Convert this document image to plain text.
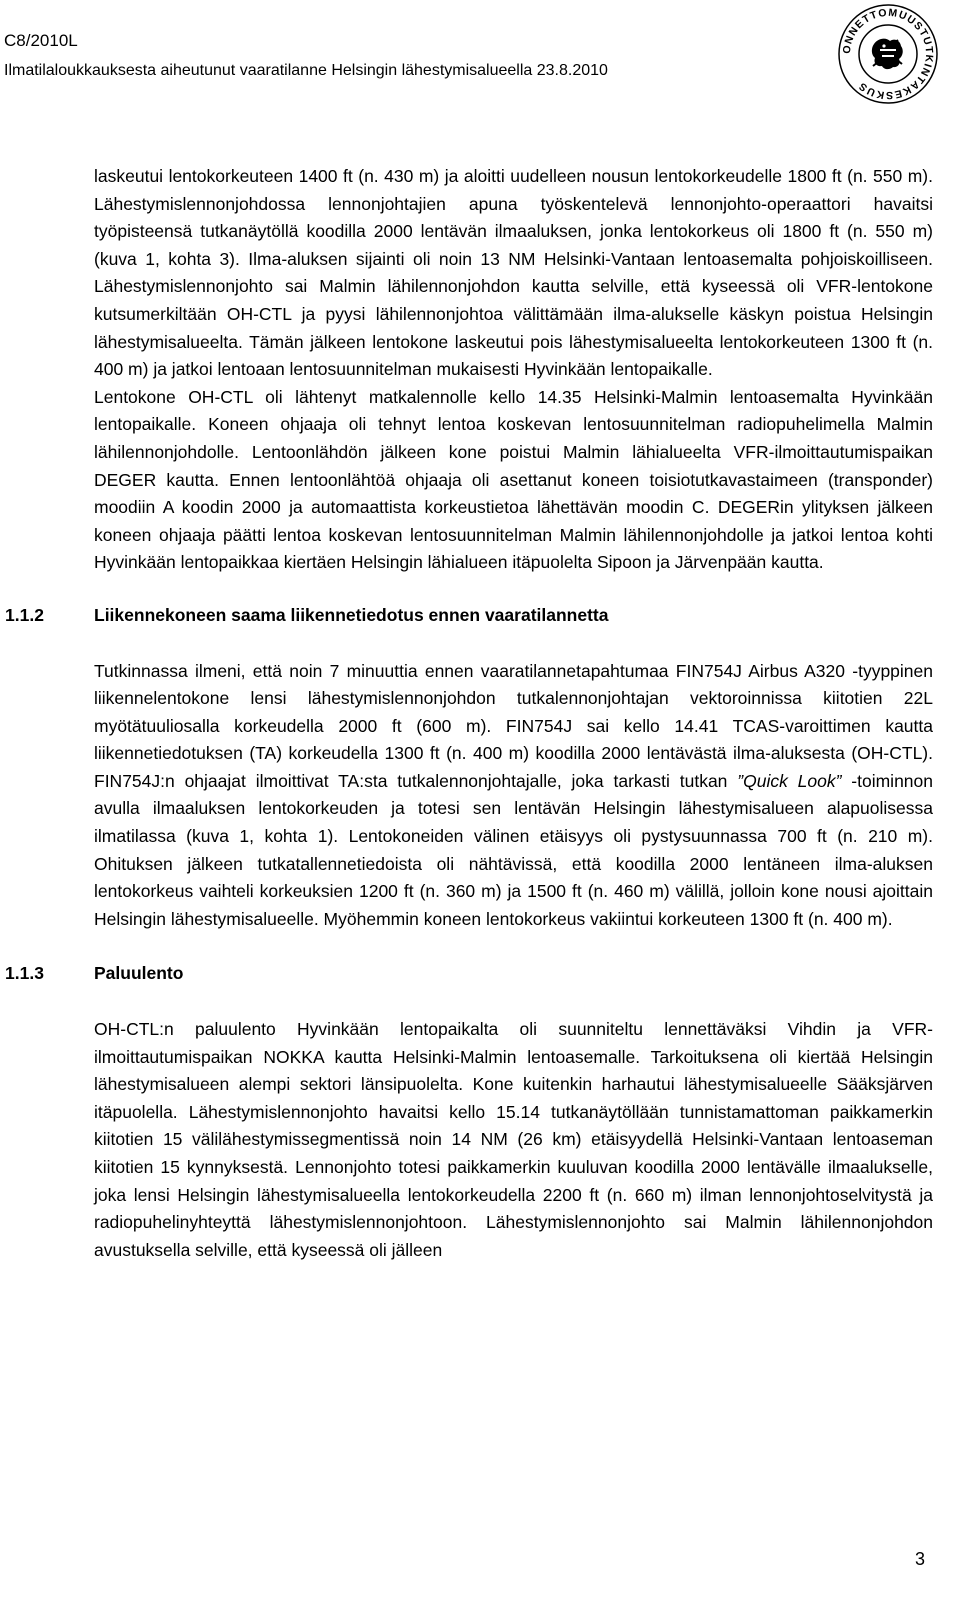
C8/2010L
Ilmatilaloukkauksesta aiheutunut vaaratilanne Helsingin lähestymisalueella 23.8.2010
ONNETTOMUUSTUTKINTAKESKUS

laskeutui lentokorkeuteen 1400 ft (n. 430 m) ja aloitti uudelleen nousun lentokorkeudelle 1800 ft (n. 550 m). Lähestymislennonjohdossa lennonjohtajien apuna työskentelevä lennonjohto-operaattori havaitsi työpisteensä tutkanäytöllä koodilla 2000 lentävän ilmaaluksen, jonka lentokorkeus oli 1800 ft (n. 550 m) (kuva 1, kohta 3). Ilma-aluksen sijainti oli noin 13 NM Helsinki-Vantaan lentoasemalta pohjoiskoilliseen. Lähestymislennonjohto sai Malmin lähilennonjohdon kautta selville, että kyseessä oli VFR-lentokone kutsumerkiltään OH-CTL ja pyysi lähilennonjohtoa välittämään ilma-alukselle käskyn poistua Helsingin lähestymisalueelta. Tämän jälkeen lentokone laskeutui pois lähestymisalueelta lentokorkeuteen 1300 ft (n. 400 m) ja jatkoi lentoaan lentosuunnitelman mukaisesti Hyvinkään lentopaikalle.

Lentokone OH-CTL oli lähtenyt matkalennolle kello 14.35 Helsinki-Malmin lentoasemalta Hyvinkään lentopaikalle. Koneen ohjaaja oli tehnyt lentoa koskevan lentosuunnitelman radiopuhelimella Malmin lähilennonjohdolle. Lentoonlähdön jälkeen kone poistui Malmin lähialueelta VFR-ilmoittautumispaikan DEGER kautta. Ennen lentoonlähtöä ohjaaja oli asettanut koneen toisiotutkavastaimeen (transponder) moodiin A koodin 2000 ja automaattista korkeustietoa lähettävän moodin C. DEGERin ylityksen jälkeen koneen ohjaaja päätti lentoa koskevan lentosuunnitelman Malmin lähilennonjohdolle ja jatkoi lentoa kohti Hyvinkään lentopaikkaa kiertäen Helsingin lähialueen itäpuolelta Sipoon ja Järvenpään kautta.

1.1.2	Liikennekoneen saama liikennetiedotus ennen vaaratilannetta

Tutkinnassa ilmeni, että noin 7 minuuttia ennen vaaratilannetapahtumaa FIN754J Airbus A320 -tyyppinen liikennelentokone lensi lähestymislennonjohdon tutkalennonjohtajan vektoroinnissa kiitotien 22L myötätuuliosalla korkeudella 2000 ft (600 m). FIN754J sai kello 14.41 TCAS-varoittimen kautta liikennetiedotuksen (TA) korkeudella 1300 ft (n. 400 m) koodilla 2000 lentävästä ilma-aluksesta (OH-CTL). FIN754J:n ohjaajat ilmoittivat TA:sta tutkalennonjohtajalle, joka tarkasti tutkan ”Quick Look” -toiminnon avulla ilmaaluksen lentokorkeuden ja totesi sen lentävän Helsingin lähestymisalueen alapuolisessa ilmatilassa (kuva 1, kohta 1). Lentokoneiden välinen etäisyys oli pystysuunnassa 700 ft (n. 210 m). Ohituksen jälkeen tutkatallennetiedoista oli nähtävissä, että koodilla 2000 lentäneen ilma-aluksen lentokorkeus vaihteli korkeuksien 1200 ft (n. 360 m) ja 1500 ft (n. 460 m) välillä, jolloin kone nousi ajoittain Helsingin lähestymisalueelle. Myöhemmin koneen lentokorkeus vakiintui korkeuteen 1300 ft (n. 400 m).

1.1.3	Paluulento

OH-CTL:n paluulento Hyvinkään lentopaikalta oli suunniteltu lennettäväksi Vihdin ja VFR-ilmoittautumispaikan NOKKA kautta Helsinki-Malmin lentoasemalle. Tarkoituksena oli kiertää Helsingin lähestymisalueen alempi sektori länsipuolelta. Kone kuitenkin harhautui lähestymisalueelle Sääksjärven itäpuolella. Lähestymislennonjohto havaitsi kello 15.14 tutkanäytöllään tunnistamattoman paikkamerkin kiitotien 15 välilähestymissegmentissä noin 14 NM (26 km) etäisyydellä Helsinki-Vantaan lentoaseman kiitotien 15 kynnyksestä. Lennonjohto totesi paikkamerkin kuuluvan koodilla 2000 lentävälle ilmaalukselle, joka lensi Helsingin lähestymisalueella lentokorkeudella 2200 ft (n. 660 m) ilman lennonjohtoselvitystä ja radiopuhelinyhteyttä lähestymislennonjohtoon. Lähestymislennonjohto sai Malmin lähilennonjohdon avustuksella selville, että kyseessä oli jälleen

3
